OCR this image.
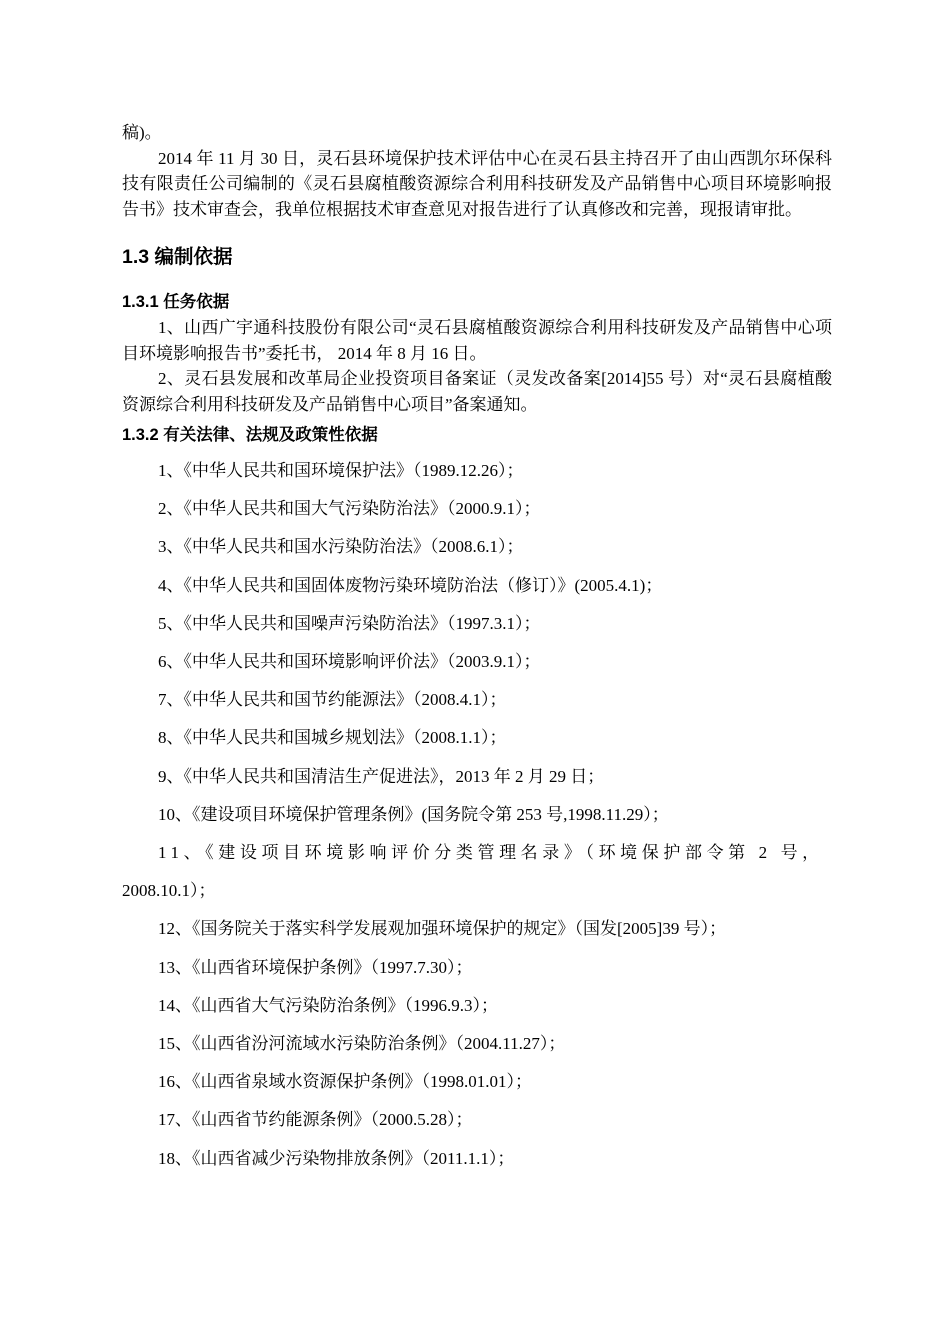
稿)。

2014 年 11 月 30 日，灵石县环境保护技术评估中心在灵石县主持召开了由山西凯尔环保科技有限责任公司编制的《灵石县腐植酸资源综合利用科技研发及产品销售中心项目环境影响报告书》技术审查会，我单位根据技术审查意见对报告进行了认真修改和完善，现报请审批。

1.3 编制依据
1.3.1 任务依据

1、山西广宇通科技股份有限公司“灵石县腐植酸资源综合利用科技研发及产品销售中心项目环境影响报告书”委托书， 2014 年 8 月 16 日。

2、灵石县发展和改革局企业投资项目备案证（灵发改备案[2014]55 号）对“灵石县腐植酸资源综合利用科技研发及产品销售中心项目”备案通知。

1.3.2 有关法律、法规及政策性依据

1、《中华人民共和国环境保护法》（1989.12.26）；

2、《中华人民共和国大气污染防治法》（2000.9.1）；

3、《中华人民共和国水污染防治法》（2008.6.1）；

4、《中华人民共和国固体废物污染环境防治法（修订）》(2005.4.1)；

5、《中华人民共和国噪声污染防治法》（1997.3.1）；

6、《中华人民共和国环境影响评价法》（2003.9.1）；

7、《中华人民共和国节约能源法》（2008.4.1）；

8、《中华人民共和国城乡规划法》（2008.1.1）；

9、《中华人民共和国清洁生产促进法》，2013 年 2 月 29 日；

10、《建设项目环境保护管理条例》(国务院令第 253 号,1998.11.29）；

11、《建设项目环境影响评价分类管理名录》（环境保护部令第 2 号，

2008.10.1）；

12、《国务院关于落实科学发展观加强环境保护的规定》（国发[2005]39 号）；

13、《山西省环境保护条例》（1997.7.30）；

14、《山西省大气污染防治条例》（1996.9.3）；

15、《山西省汾河流域水污染防治条例》（2004.11.27）；

16、《山西省泉域水资源保护条例》（1998.01.01）；

17、《山西省节约能源条例》（2000.5.28）；

18、《山西省减少污染物排放条例》（2011.1.1）；
